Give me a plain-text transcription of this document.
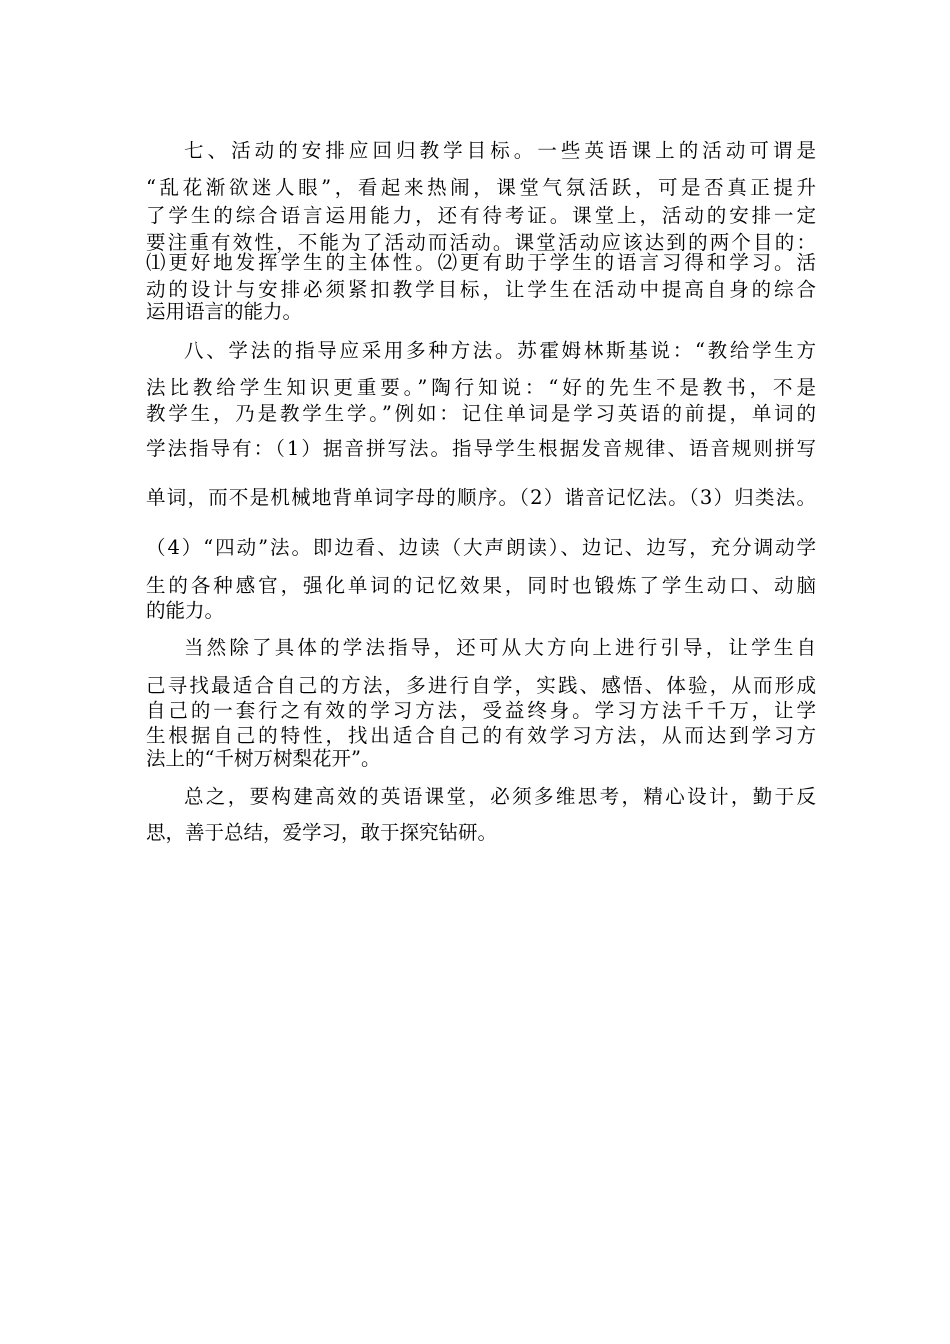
七、活动的安排应回归教学目标。一些英语课上的活动可谓是
“乱花渐欲迷人眼”，看起来热闹，课堂气氛活跃，可是否真正提升
了学生的综合语言运用能力，还有待考证。课堂上，活动的安排一定
要注重有效性，不能为了活动而活动。课堂活动应该达到的两个目的：
⑴更好地发挥学生的主体性。⑵更有助于学生的语言习得和学习。活
动的设计与安排必须紧扣教学目标，让学生在活动中提高自身的综合
运用语言的能力。
八、学法的指导应采用多种方法。苏霍姆林斯基说：“教给学生方
法比教给学生知识更重要。”陶行知说：“好的先生不是教书，不是
教学生，乃是教学生学。”例如：记住单词是学习英语的前提，单词的
学法指导有：（1）据音拼写法。指导学生根据发音规律、语音规则拼写
单词，而不是机械地背单词字母的顺序。（2）谐音记忆法。（3）归类法。
（4）“四动”法。即边看、边读（大声朗读）、边记、边写，充分调动学
生的各种感官，强化单词的记忆效果，同时也锻炼了学生动口、动脑
的能力。
当然除了具体的学法指导，还可从大方向上进行引导，让学生自
己寻找最适合自己的方法，多进行自学，实践、感悟、体验，从而形成
自己的一套行之有效的学习方法，受益终身。学习方法千千万，让学
生根据自己的特性，找出适合自己的有效学习方法，从而达到学习方
法上的“千树万树梨花开”。
总之，要构建高效的英语课堂，必须多维思考，精心设计，勤于反
思，善于总结，爱学习，敢于探究钻研。
